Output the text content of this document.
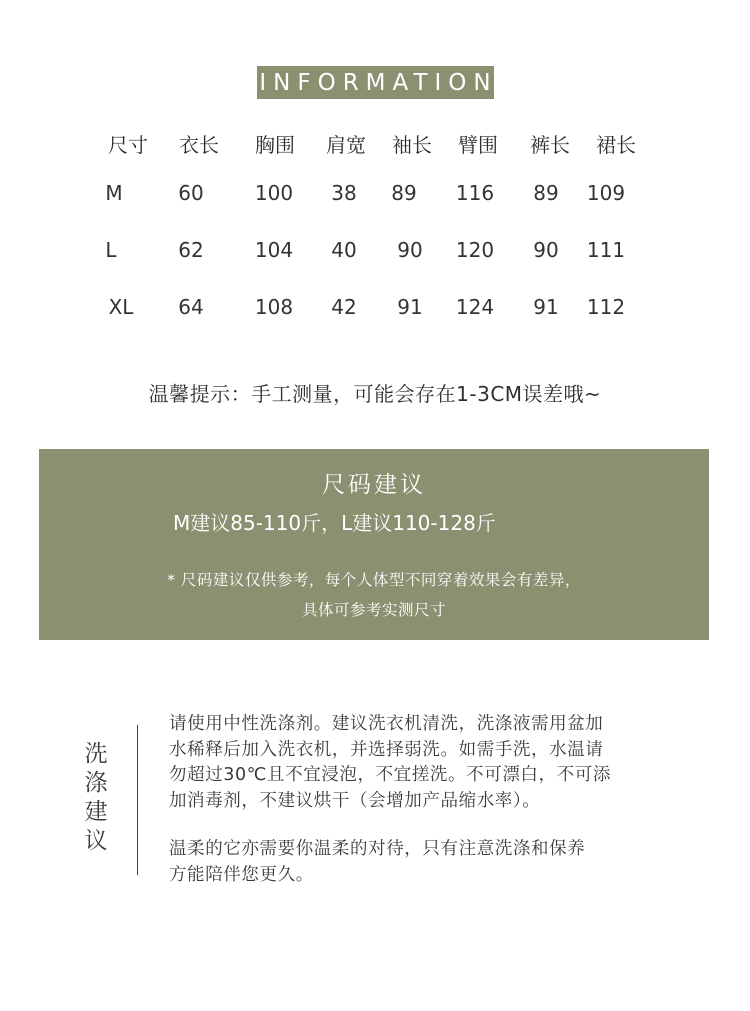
INFORMATION
尺寸	衣长	胸围	肩宽	袖长	臂围	裤长	裙长
M	60	100	38	89	116	89	109
L	62	104	40	90	120	90	111
XL	64	108	42	91	124	91	112
温馨提示：手工测量，可能会存在1-3CM误差哦~
尺码建议
M建议85-110斤，L建议110-128斤
* 尺码建议仅供参考，每个人体型不同穿着效果会有差异，
具体可参考实测尺寸
洗
涤
建
议
请使用中性洗涤剂。建议洗衣机清洗，洗涤液需用盆加
水稀释后加入洗衣机，并选择弱洗。如需手洗，水温请
勿超过30℃且不宜浸泡，不宜搓洗。不可漂白，不可添
加消毒剂，不建议烘干（会增加产品缩水率）。
温柔的它亦需要你温柔的对待，只有注意洗涤和保养
方能陪伴您更久。
